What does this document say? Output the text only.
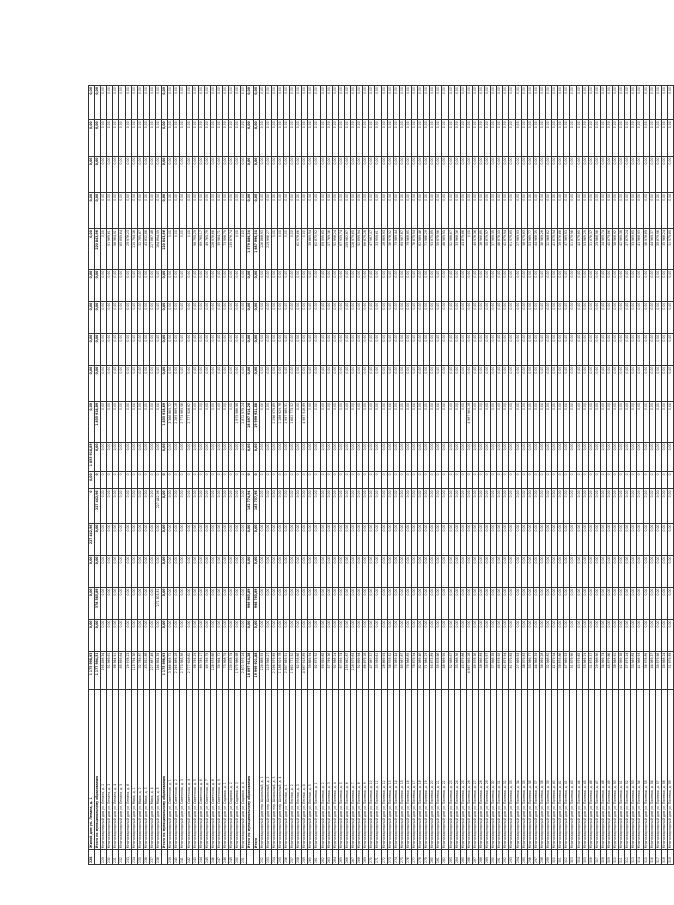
228	Жилой дом ул. Ленина, д. 1	1 175 998,93	0,00	0,00	0,00	227 442,96	0	0,00	1 855 918,89	0,00	0,00	0,00	0,00	0,00	0,00	0,00	0,00	0,00	0,00
	Итого по муниципальному образованию	1 177 994,51	0,00	378 585,89	0,00	0,00	227 442,96	0	0,00	1 855 918,89	0,00	0,00	0,00	0,00	220 843,96	0,00	0,00	0,00	0,00
229	Многоквартирный дом ул. Ленина, д. 2	295 498,54	0,00	0,00	0,00	0,00	0,00	0	0,00	0,00	0,00	0,00	0,00	0,00	0,00	0,00	0,00	0,00	0,00
230	Многоквартирный дом ул. Ленина, д. 3	91 969,61	0,00	0,00	0,00	0,00	0,00	0	0,00	0,00	0,00	0,00	0,00	0,00	91 969,61	0,00	0,00	0,00	0,00
231	Многоквартирный дом ул. Ленина, д. 4	98 964,91	0,00	0,00	0,00	0,00	0,00	0	0,00	0,00	0,00	0,00	0,00	0,00	98 964,91	0,00	0,00	0,00	0,00
232	Многоквартирный дом ул. Ленина, д. 5	85 899,64	0,00	0,00	0,00	0,00	0,00	0	0,00	0,00	0,00	0,00	0,00	0,00	85 899,64	0,00	0,00	0,00	0,00
233	Многоквартирный дом ул. Ленина, д. 6	29 978,23	0,00	0,00	0,00	0,00	0,00	0	0,00	0,00	0,00	0,00	0,00	0,00	29 978,23	0,00	0,00	0,00	0,00
234	Многоквартирный дом ул. Мира, д. 1	115 794,36	0,00	0,00	0,00	0,00	0,00	0	0,00	0,00	0,00	0,00	0,00	0,00	115 794,36	0,00	0,00	0,00	0,00
235	Многоквартирный дом ул. Мира, д. 2	32 785,87	0,00	0,00	0,00	0,00	0,00	0	0,00	0,00	0,00	0,00	0,00	0,00	32 785,87	0,00	0,00	0,00	0,00
236	Многоквартирный дом ул. Мира, д. 3	43 832,88	0,00	0,00	0,00	0,00	0,00	0	0,00	0,00	0,00	0,00	0,00	0,00	43 832,88	0,00	0,00	0,00	0,00
237	Многоквартирный дом ул. Мира, д. 4	227 887,48	0,00	0,00	0,00	0,00	0,00	0	0,00	0,00	0,00	0,00	0,00	0,00	227 887,48	0,00	0,00	0,00	0,00
238	Многоквартирный дом ул. Мира, д. 5	184 894,39	0,00	271 505,81	0,00	0,00	227 442,96	0	0,00	0,00	0,00	0,00	0,00	0,00	184 894,39	0,00	0,00	0,00	0,00
	Итого по муниципальному образованию	1 175 998,93	0,00	0,00	0,00	0,00	0,00	0	0,00	1 855 918,89	0,00	0,00	0,00	0,00	220 843,96	0,00	0,00	0,00	0,00
239	Многоквартирный дом ул. Советская, д. 1	3 566 865,72	0,00	0,00	0,00	0,00	0,00	0	0,00	3 566 865,72	0,00	0,00	0,00	0,00	0,00	0,00	0,00	0,00	0,00
240	Многоквартирный дом ул. Советская, д. 2	2 265 889,28	0,00	0,00	0,00	0,00	0,00	0	0,00	2 265 889,28	0,00	0,00	0,00	0,00	0,00	0,00	0,00	0,00	0,00
241	Многоквартирный дом ул. Советская, д. 3	2 773 985,56	0,00	0,00	0,00	0,00	0,00	0	0,00	2 773 985,56	0,00	0,00	0,00	0,00	0,00	0,00	0,00	0,00	0,00
242	Многоквартирный дом ул. Советская, д. 4	2 777 928,82	0,00	0,00	0,00	0,00	0,00	0	0,00	2 777 928,82	0,00	0,00	0,00	0,00	0,00	0,00	0,00	0,00	0,00
243	Многоквартирный дом ул. Советская, д. 5	98 795,29	0,00	0,00	0,00	0,00	0,00	0	0,00	0,00	0,00	0,00	0,00	0,00	98 795,29	0,00	0,00	0,00	0,00
244	Многоквартирный дом ул. Советская, д. 6	89 785,17	0,00	0,00	0,00	0,00	0,00	0	0,00	0,00	0,00	0,00	0,00	0,00	89 785,17	0,00	0,00	0,00	0,00
245	Многоквартирный дом ул. Советская, д. 7	49 765,79	0,00	0,00	0,00	0,00	0,00	0	0,00	0,00	0,00	0,00	0,00	0,00	49 765,79	0,00	0,00	0,00	0,00
246	Многоквартирный дом ул. Советская, д. 8	128 978,66	0,00	0,00	0,00	0,00	0,00	0	0,00	0,00	0,00	0,00	0,00	0,00	128 978,66	0,00	0,00	0,00	0,00
247	Многоквартирный дом ул. Советская, д. 9	39 964,71	0,00	0,00	0,00	0,00	0,00	0	0,00	0,00	0,00	0,00	0,00	0,00	39 964,71	0,00	0,00	0,00	0,00
248	Многоквартирный дом ул. Садовая, д. 1	73 998,79	0,00	0,00	0,00	0,00	0,00	0	0,00	0,00	0,00	0,00	0,00	0,00	73 998,79	0,00	0,00	0,00	0,00
249	Многоквартирный дом ул. Садовая, д. 2	139 878,74	0,00	0,00	0,00	0,00	0,00	0	0,00	0,00	0,00	0,00	0,00	0,00	139 878,74	0,00	0,00	0,00	0,00
250	Многоквартирный дом ул. Садовая, д. 3	1 975 986,98	0,00	0,00	0,00	0,00	0,00	0	0,00	1 975 986,98	0,00	0,00	0,00	0,00	0,00	0,00	0,00	0,00	0,00
251	Многоквартирный дом ул. Садовая, д. 4	2 872 979,24	0,00	0,00	0,00	0,00	0,00	0	0,00	2 872 979,24	0,00	0,00	0,00	0,00	0,00	0,00	0,00	0,00	0,00
	Итого по муниципальному образованию	18 897 914,28	0,00	996 965,89	0,00	0,00	182 774,94	0	0,00	18 897 914,28	0,00	0,00	0,00	0,00	1 579 886,34	0,00	0,00	0,00	0,00
	Итого	19 999 921,88	0,00	998 765,89	0,00	0,00	183 757,96	0	0,00	19 999 921,88	0,00	0,00	0,00	0,00	1 687 996,34	0,00	0,00	0,00	0,00
252	Многоквартирный дом пер. Школьный, д. 1	126 888,93	0,00	0,00	0,00	0,00	0,00	0	0,00	0,00	0,00	0,00	0,00	0,00	126 888,93	0,00	0,00	0,00	0,00
253	Многоквартирный дом пер. Школьный, д. 2	219 996,27	0,00	0,00	0,00	0,00	0,00	0	0,00	0,00	0,00	0,00	0,00	0,00	219 996,27	0,00	0,00	0,00	0,00
254	Многоквартирный дом пер. Школьный, д. 3	2 296 979,89	0,00	0,00	0,00	0,00	0,00	0	0,00	2 296 979,89	0,00	0,00	0,00	0,00	0,00	0,00	0,00	0,00	0,00
255	Многоквартирный дом пер. Школьный, д. 4	1 188 929,78	0,00	0,00	0,00	0,00	0,00	0	0,00	1 188 929,78	0,00	0,00	0,00	0,00	0,00	0,00	0,00	0,00	0,00
256	Многоквартирный дом ул. Лесная, д. 1	2 997 985,91	0,00	0,00	0,00	0,00	0,00	0	0,00	2 997 985,91	0,00	0,00	0,00	0,00	0,00	0,00	0,00	0,00	0,00
257	Многоквартирный дом ул. Лесная, д. 2	1 662 773,52	0,00	0,00	0,00	0,00	0,00	0	0,00	1 662 773,52	0,00	0,00	0,00	0,00	0,00	0,00	0,00	0,00	0,00
258	Многоквартирный дом ул. Лесная, д. 3	62 978,66	0,00	0,00	0,00	0,00	0,00	0	0,00	0,00	0,00	0,00	0,00	0,00	62 978,66	0,00	0,00	0,00	0,00
259	Многоквартирный дом ул. Лесная, д. 4	4 987 918,89	0,00	0,00	0,00	0,00	0,00	0	0,00	4 987 918,89	0,00	0,00	0,00	0,00	0,00	0,00	0,00	0,00	0,00
260	Многоквартирный дом ул. Лесная, д. 5	39 869,94	0,00	0,00	0,00	0,00	0,00	0	0,00	0,00	0,00	0,00	0,00	0,00	39 869,94	0,00	0,00	0,00	0,00
261	Многоквартирный дом ул. Полевая, д. 1	62 875,92	0,00	0,00	0,00	0,00	0,00	0	0,00	0,00	0,00	0,00	0,00	0,00	62 875,92	0,00	0,00	0,00	0,00
262	Многоквартирный дом ул. Полевая, д. 2	69 959,85	0,00	0,00	0,00	0,00	0,00	0	0,00	0,00	0,00	0,00	0,00	0,00	69 959,85	0,00	0,00	0,00	0,00
263	Многоквартирный дом ул. Полевая, д. 3	57 769,36	0,00	0,00	0,00	0,00	0,00	0	0,00	0,00	0,00	0,00	0,00	0,00	57 769,36	0,00	0,00	0,00	0,00
264	Многоквартирный дом ул. Полевая, д. 4	92 998,24	0,00	0,00	0,00	0,00	0,00	0	0,00	0,00	0,00	0,00	0,00	0,00	92 998,24	0,00	0,00	0,00	0,00
265	Многоквартирный дом ул. Полевая, д. 5	87 959,74	0,00	0,00	0,00	0,00	0,00	0	0,00	0,00	0,00	0,00	0,00	0,00	87 959,74	0,00	0,00	0,00	0,00
266	Многоквартирный дом ул. Полевая, д. 6	159 982,87	0,00	0,00	0,00	0,00	0,00	0	0,00	0,00	0,00	0,00	0,00	0,00	159 982,87	0,00	0,00	0,00	0,00
267	Многоквартирный дом ул. Полевая, д. 7	128 979,65	0,00	0,00	0,00	0,00	0,00	0	0,00	0,00	0,00	0,00	0,00	0,00	128 979,65	0,00	0,00	0,00	0,00
268	Многоквартирный дом ул. Полевая, д. 8	92 899,94	0,00	0,00	0,00	0,00	0,00	0	0,00	0,00	0,00	0,00	0,00	0,00	92 899,94	0,00	0,00	0,00	0,00
269	Многоквартирный дом ул. Полевая, д. 9	66 879,28	0,00	0,00	0,00	0,00	0,00	0	0,00	0,00	0,00	0,00	0,00	0,00	66 879,28	0,00	0,00	0,00	0,00
270	Многоквартирный дом ул. Полевая, д. 10	47 987,37	0,00	0,00	0,00	0,00	0,00	0	0,00	0,00	0,00	0,00	0,00	0,00	47 987,37	0,00	0,00	0,00	0,00
271	Многоквартирный дом ул. Полевая, д. 11	33 959,61	0,00	0,00	0,00	0,00	0,00	0	0,00	0,00	0,00	0,00	0,00	0,00	33 959,61	0,00	0,00	0,00	0,00
272	Многоквартирный дом ул. Полевая, д. 12	28 869,93	0,00	0,00	0,00	0,00	0,00	0	0,00	0,00	0,00	0,00	0,00	0,00	28 869,93	0,00	0,00	0,00	0,00
273	Многоквартирный дом ул. Полевая, д. 13	36 978,52	0,00	0,00	0,00	0,00	0,00	0	0,00	0,00	0,00	0,00	0,00	0,00	36 978,52	0,00	0,00	0,00	0,00
274	Многоквартирный дом ул. Полевая, д. 14	73 989,44	0,00	0,00	0,00	0,00	0,00	0	0,00	0,00	0,00	0,00	0,00	0,00	73 989,44	0,00	0,00	0,00	0,00
275	Многоквартирный дом ул. Полевая, д. 15	89 987,87	0,00	0,00	0,00	0,00	0,00	0	0,00	0,00	0,00	0,00	0,00	0,00	89 987,87	0,00	0,00	0,00	0,00
276	Многоквартирный дом ул. Полевая, д. 16	79 968,85	0,00	0,00	0,00	0,00	0,00	0	0,00	0,00	0,00	0,00	0,00	0,00	79 968,85	0,00	0,00	0,00	0,00
277	Многоквартирный дом ул. Полевая, д. 17	76 879,94	0,00	0,00	0,00	0,00	0,00	0	0,00	0,00	0,00	0,00	0,00	0,00	76 879,94	0,00	0,00	0,00	0,00
278	Многоквартирный дом ул. Полевая, д. 18	82 989,46	0,00	0,00	0,00	0,00	0,00	0	0,00	0,00	0,00	0,00	0,00	0,00	82 989,46	0,00	0,00	0,00	0,00
279	Многоквартирный дом ул. Полевая, д. 19	71 986,29	0,00	0,00	0,00	0,00	0,00	0	0,00	0,00	0,00	0,00	0,00	0,00	71 986,29	0,00	0,00	0,00	0,00
280	Многоквартирный дом ул. Полевая, д. 20	93 875,89	0,00	0,00	0,00	0,00	0,00	0	0,00	0,00	0,00	0,00	0,00	0,00	93 875,89	0,00	0,00	0,00	0,00
281	Многоквартирный дом ул. Полевая, д. 21	39 878,96	0,00	0,00	0,00	0,00	0,00	0	0,00	0,00	0,00	0,00	0,00	0,00	39 878,96	0,00	0,00	0,00	0,00
282	Многоквартирный дом ул. Полевая, д. 22	48 969,95	0,00	0,00	0,00	0,00	0,00	0	0,00	0,00	0,00	0,00	0,00	0,00	48 969,95	0,00	0,00	0,00	0,00
283	Многоквартирный дом ул. Полевая, д. 23	52 988,67	0,00	0,00	0,00	0,00	0,00	0	0,00	0,00	0,00	0,00	0,00	0,00	52 988,67	0,00	0,00	0,00	0,00
284	Многоквартирный дом ул. Полевая, д. 24	33 968,36	0,00	0,00	0,00	0,00	0,00	0	0,00	0,00	0,00	0,00	0,00	0,00	33 968,36	0,00	0,00	0,00	0,00
285	Многоквартирный дом ул. Полевая, д. 25	43 879,88	0,00	0,00	0,00	0,00	0,00	0	0,00	0,00	0,00	0,00	0,00	0,00	43 879,88	0,00	0,00	0,00	0,00
286	Многоквартирный дом ул. Полевая, д. 26	4 987 965,28	0,00	0,00	0,00	0,00	0,00	0	0,00	4 987 965,28	0,00	0,00	0,00	0,00	0,00	0,00	0,00	0,00	0,00
287	Многоквартирный дом ул. Полевая, д. 27	49 978,36	0,00	0,00	0,00	0,00	0,00	0	0,00	0,00	0,00	0,00	0,00	0,00	49 978,36	0,00	0,00	0,00	0,00
288	Многоквартирный дом ул. Полевая, д. 28	38 966,89	0,00	0,00	0,00	0,00	0,00	0	0,00	0,00	0,00	0,00	0,00	0,00	38 966,89	0,00	0,00	0,00	0,00
289	Многоквартирный дом ул. Полевая, д. 29	35 879,97	0,00	0,00	0,00	0,00	0,00	0	0,00	0,00	0,00	0,00	0,00	0,00	35 879,97	0,00	0,00	0,00	0,00
290	Многоквартирный дом ул. Полевая, д. 30	37 968,39	0,00	0,00	0,00	0,00	0,00	0	0,00	0,00	0,00	0,00	0,00	0,00	37 968,39	0,00	0,00	0,00	0,00
291	Многоквартирный дом ул. Полевая, д. 31	46 878,55	0,00	0,00	0,00	0,00	0,00	0	0,00	0,00	0,00	0,00	0,00	0,00	46 878,55	0,00	0,00	0,00	0,00
292	Многоквартирный дом ул. Полевая, д. 32	42 879,94	0,00	0,00	0,00	0,00	0,00	0	0,00	0,00	0,00	0,00	0,00	0,00	42 879,94	0,00	0,00	0,00	0,00
293	Многоквартирный дом ул. Полевая, д. 33	61 979,85	0,00	0,00	0,00	0,00	0,00	0	0,00	0,00	0,00	0,00	0,00	0,00	61 979,85	0,00	0,00	0,00	0,00
294	Многоквартирный дом ул. Полевая, д. 34	27 969,93	0,00	0,00	0,00	0,00	0,00	0	0,00	0,00	0,00	0,00	0,00	0,00	27 969,93	0,00	0,00	0,00	0,00
295	Многоквартирный дом ул. Полевая, д. 35	38 979,83	0,00	0,00	0,00	0,00	0,00	0	0,00	0,00	0,00	0,00	0,00	0,00	38 979,83	0,00	0,00	0,00	0,00
296	Многоквартирный дом ул. Полевая, д. 36	53 989,77	0,00	0,00	0,00	0,00	0,00	0	0,00	0,00	0,00	0,00	0,00	0,00	53 989,77	0,00	0,00	0,00	0,00
297	Многоквартирный дом ул. Полевая, д. 37	44 968,39	0,00	0,00	0,00	0,00	0,00	0	0,00	0,00	0,00	0,00	0,00	0,00	44 968,39	0,00	0,00	0,00	0,00
298	Многоквартирный дом ул. Полевая, д. 38	36 969,28	0,00	0,00	0,00	0,00	0,00	0	0,00	0,00	0,00	0,00	0,00	0,00	36 969,28	0,00	0,00	0,00	0,00
299	Многоквартирный дом ул. Полевая, д. 39	32 968,82	0,00	0,00	0,00	0,00	0,00	0	0,00	0,00	0,00	0,00	0,00	0,00	32 968,82	0,00	0,00	0,00	0,00
300	Многоквартирный дом ул. Полевая, д. 40	41 879,94	0,00	0,00	0,00	0,00	0,00	0	0,00	0,00	0,00	0,00	0,00	0,00	41 879,94	0,00	0,00	0,00	0,00
301	Многоквартирный дом ул. Полевая, д. 41	39 876,86	0,00	0,00	0,00	0,00	0,00	0	0,00	0,00	0,00	0,00	0,00	0,00	39 876,86	0,00	0,00	0,00	0,00
302	Многоквартирный дом ул. Полевая, д. 42	47 969,93	0,00	0,00	0,00	0,00	0,00	0	0,00	0,00	0,00	0,00	0,00	0,00	47 969,93	0,00	0,00	0,00	0,00
303	Многоквартирный дом ул. Полевая, д. 43	51 879,96	0,00	0,00	0,00	0,00	0,00	0	0,00	0,00	0,00	0,00	0,00	0,00	51 879,96	0,00	0,00	0,00	0,00
304	Многоквартирный дом ул. Полевая, д. 44	43 979,85	0,00	0,00	0,00	0,00	0,00	0	0,00	0,00	0,00	0,00	0,00	0,00	43 979,85	0,00	0,00	0,00	0,00
305	Многоквартирный дом ул. Полевая, д. 45	53 969,29	0,00	0,00	0,00	0,00	0,00	0	0,00	0,00	0,00	0,00	0,00	0,00	53 969,29	0,00	0,00	0,00	0,00
306	Многоквартирный дом ул. Полевая, д. 46	31 878,37	0,00	0,00	0,00	0,00	0,00	0	0,00	0,00	0,00	0,00	0,00	0,00	31 878,37	0,00	0,00	0,00	0,00
307	Многоквартирный дом ул. Полевая, д. 47	29 968,96	0,00	0,00	0,00	0,00	0,00	0	0,00	0,00	0,00	0,00	0,00	0,00	29 968,96	0,00	0,00	0,00	0,00
308	Многоквартирный дом ул. Полевая, д. 48	34 969,74	0,00	0,00	0,00	0,00	0,00	0	0,00	0,00	0,00	0,00	0,00	0,00	34 969,74	0,00	0,00	0,00	0,00
309	Многоквартирный дом ул. Полевая, д. 49	45 879,86	0,00	0,00	0,00	0,00	0,00	0	0,00	0,00	0,00	0,00	0,00	0,00	45 879,86	0,00	0,00	0,00	0,00
310	Многоквартирный дом ул. Полевая, д. 50	38 968,92	0,00	0,00	0,00	0,00	0,00	0	0,00	0,00	0,00	0,00	0,00	0,00	38 968,92	0,00	0,00	0,00	0,00
311	Многоквартирный дом ул. Полевая, д. 51	42 969,38	0,00	0,00	0,00	0,00	0,00	0	0,00	0,00	0,00	0,00	0,00	0,00	42 969,38	0,00	0,00	0,00	0,00
312	Многоквартирный дом ул. Полевая, д. 52	37 879,24	0,00	0,00	0,00	0,00	0,00	0	0,00	0,00	0,00	0,00	0,00	0,00	37 879,24	0,00	0,00	0,00	0,00
313	Многоквартирный дом ул. Полевая, д. 53	33 969,85	0,00	0,00	0,00	0,00	0,00	0	0,00	0,00	0,00	0,00	0,00	0,00	33 969,85	0,00	0,00	0,00	0,00
314	Многоквартирный дом ул. Полевая, д. 54	41 968,93	0,00	0,00	0,00	0,00	0,00	0	0,00	0,00	0,00	0,00	0,00	0,00	41 968,93	0,00	0,00	0,00	0,00
315	Многоквартирный дом ул. Полевая, д. 55	36 978,89	0,00	0,00	0,00	0,00	0,00	0	0,00	0,00	0,00	0,00	0,00	0,00	36 978,89	0,00	0,00	0,00	0,00
316	Многоквартирный дом ул. Полевая, д. 56	44 969,37	0,00	0,00	0,00	0,00	0,00	0	0,00	0,00	0,00	0,00	0,00	0,00	44 969,37	0,00	0,00	0,00	0,00
317	Многоквартирный дом ул. Полевая, д. 57	39 879,96	0,00	0,00	0,00	0,00	0,00	0	0,00	0,00	0,00	0,00	0,00	0,00	39 879,96	0,00	0,00	0,00	0,00
318	Многоквартирный дом ул. Полевая, д. 58	35 968,24	0,00	0,00	0,00	0,00	0,00	0	0,00	0,00	0,00	0,00	0,00	0,00	35 968,24	0,00	0,00	0,00	0,00
319	Многоквартирный дом ул. Полевая, д. 59	31 979,85	0,00	0,00	0,00	0,00	0,00	0	0,00	0,00	0,00	0,00	0,00	0,00	31 979,85	0,00	0,00	0,00	0,00
